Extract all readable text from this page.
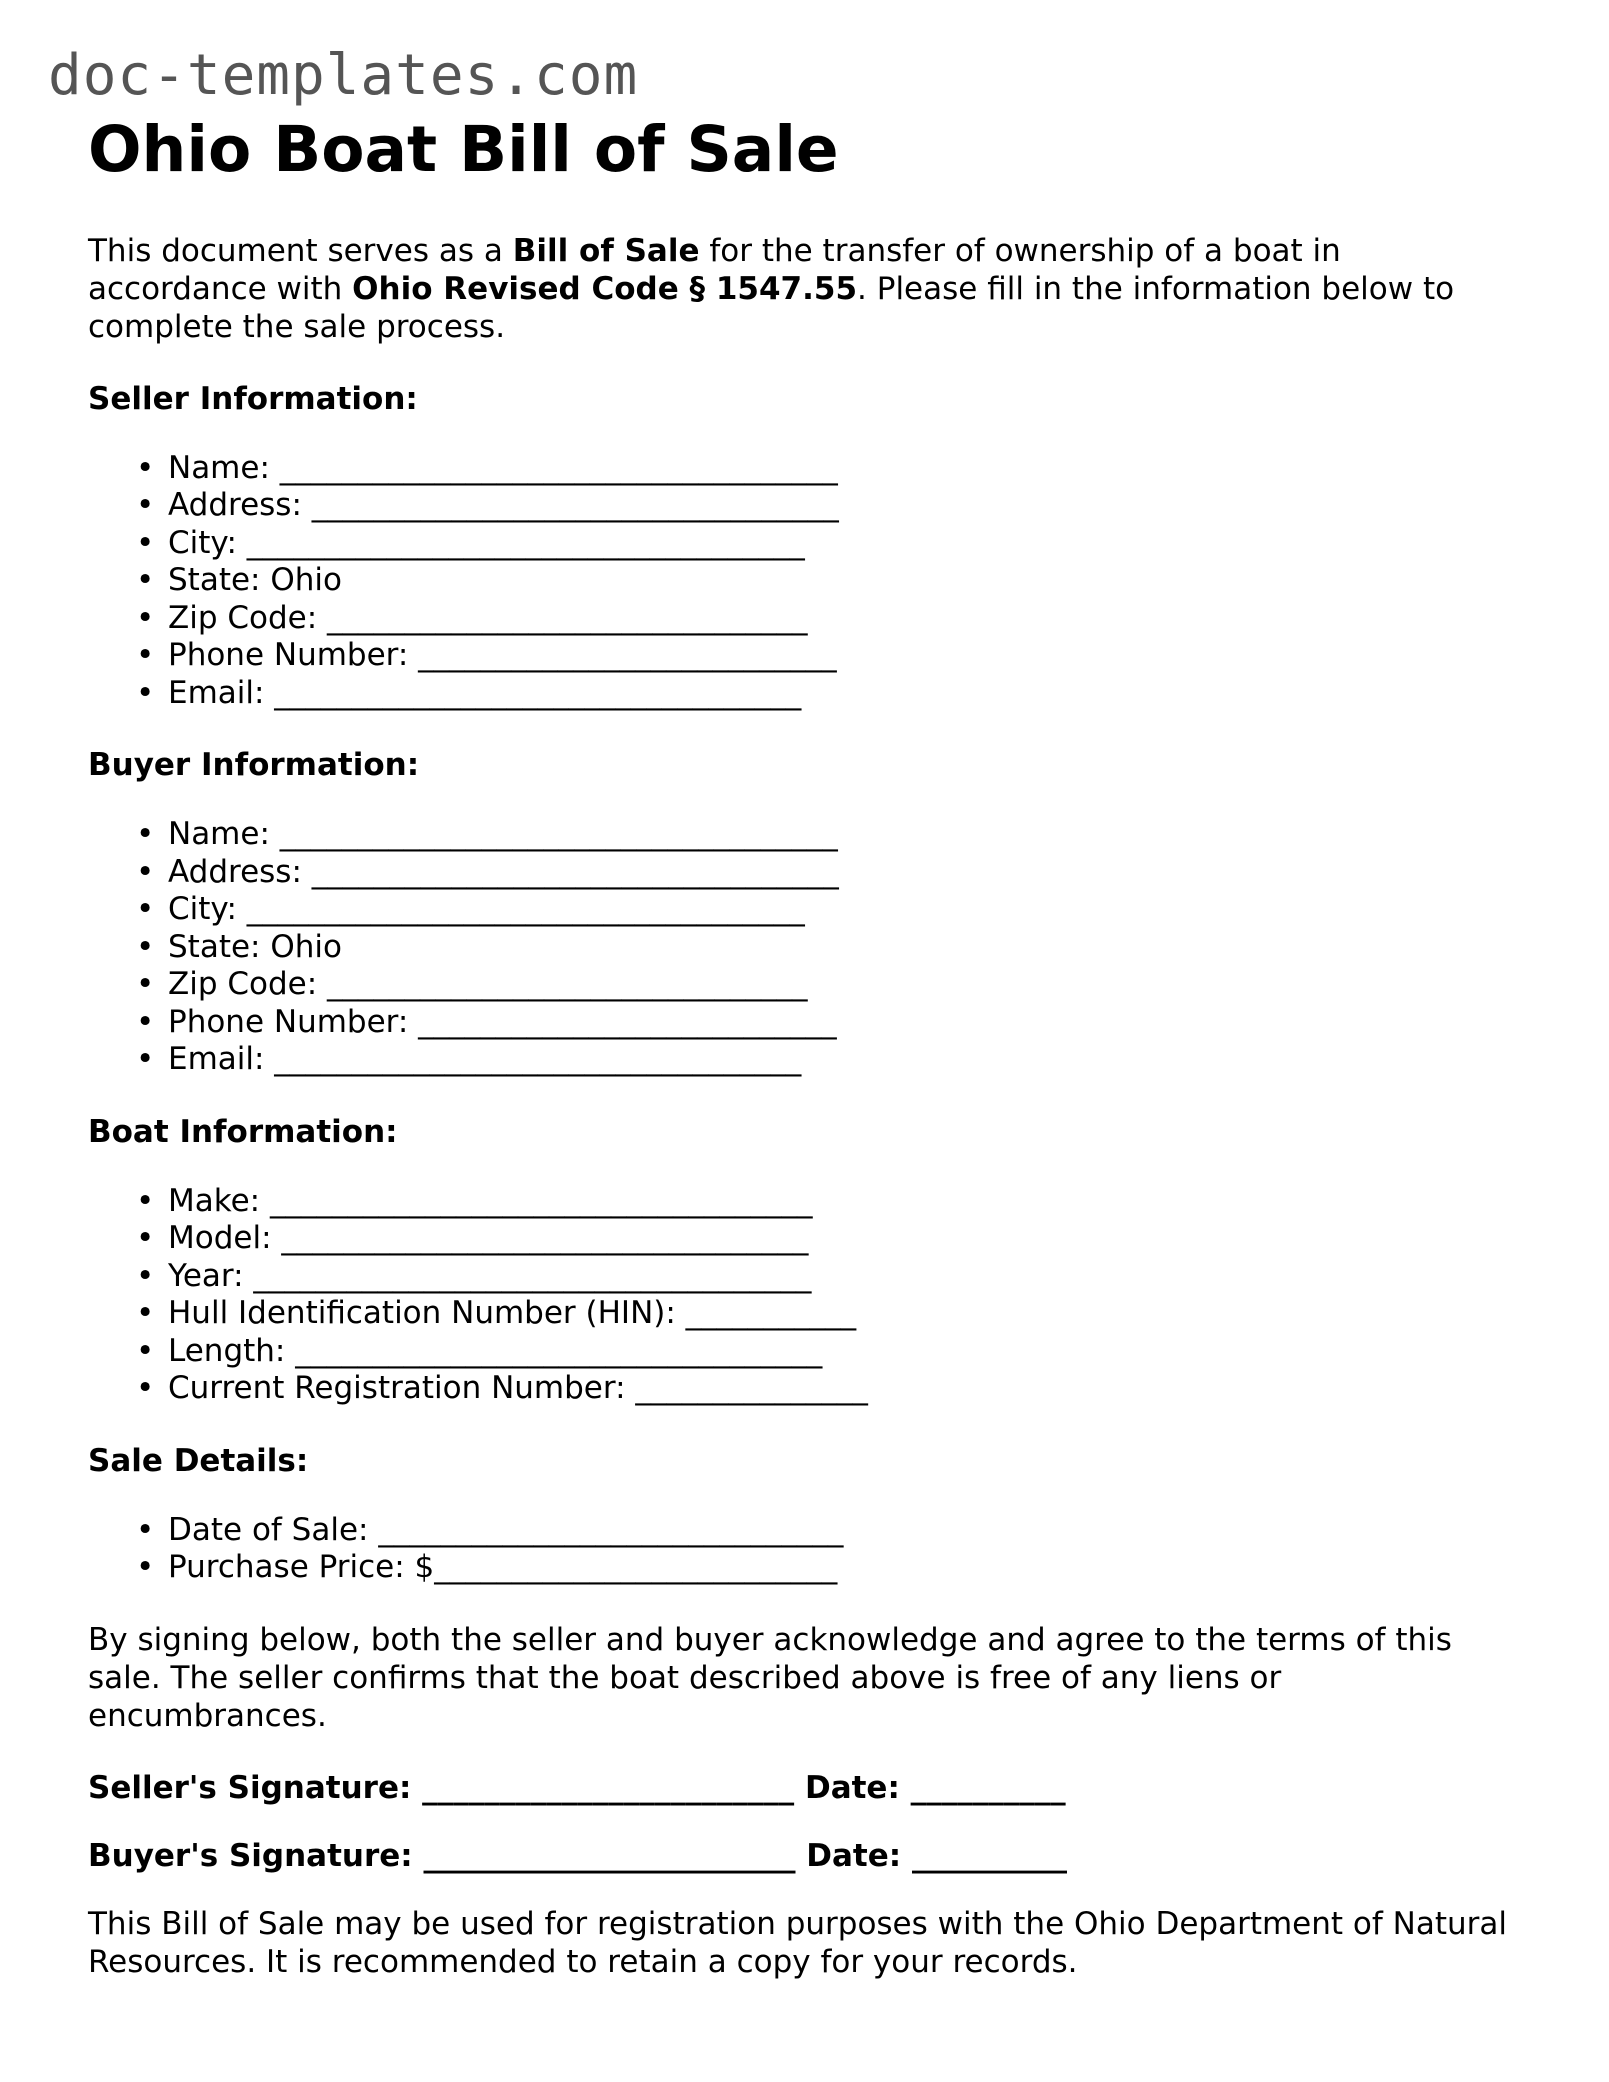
doc-templates.com
Ohio Boat Bill of Sale

This document serves as a Bill of Sale for the transfer of ownership of a boat in accordance with Ohio Revised Code § 1547.55. Please fill in the information below to complete the sale process.

Seller Information:
• Name: ____________________________________
• Address: __________________________________
• City: ____________________________________
• State: Ohio
• Zip Code: _______________________________
• Phone Number: ___________________________
• Email: __________________________________
Buyer Information:
• Name: ____________________________________
• Address: __________________________________
• City: ____________________________________
• State: Ohio
• Zip Code: _______________________________
• Phone Number: ___________________________
• Email: __________________________________
Boat Information:
• Make: ___________________________________
• Model: __________________________________
• Year: ____________________________________
• Hull Identification Number (HIN): ___________
• Length: __________________________________
• Current Registration Number: _______________
Sale Details:
• Date of Sale: ______________________________
• Purchase Price: $__________________________

By signing below, both the seller and buyer acknowledge and agree to the terms of this sale. The seller confirms that the boat described above is free of any liens or encumbrances.

Seller's Signature: ________________________ Date: __________
Buyer's Signature: ________________________ Date: __________

This Bill of Sale may be used for registration purposes with the Ohio Department of Natural Resources. It is recommended to retain a copy for your records.
